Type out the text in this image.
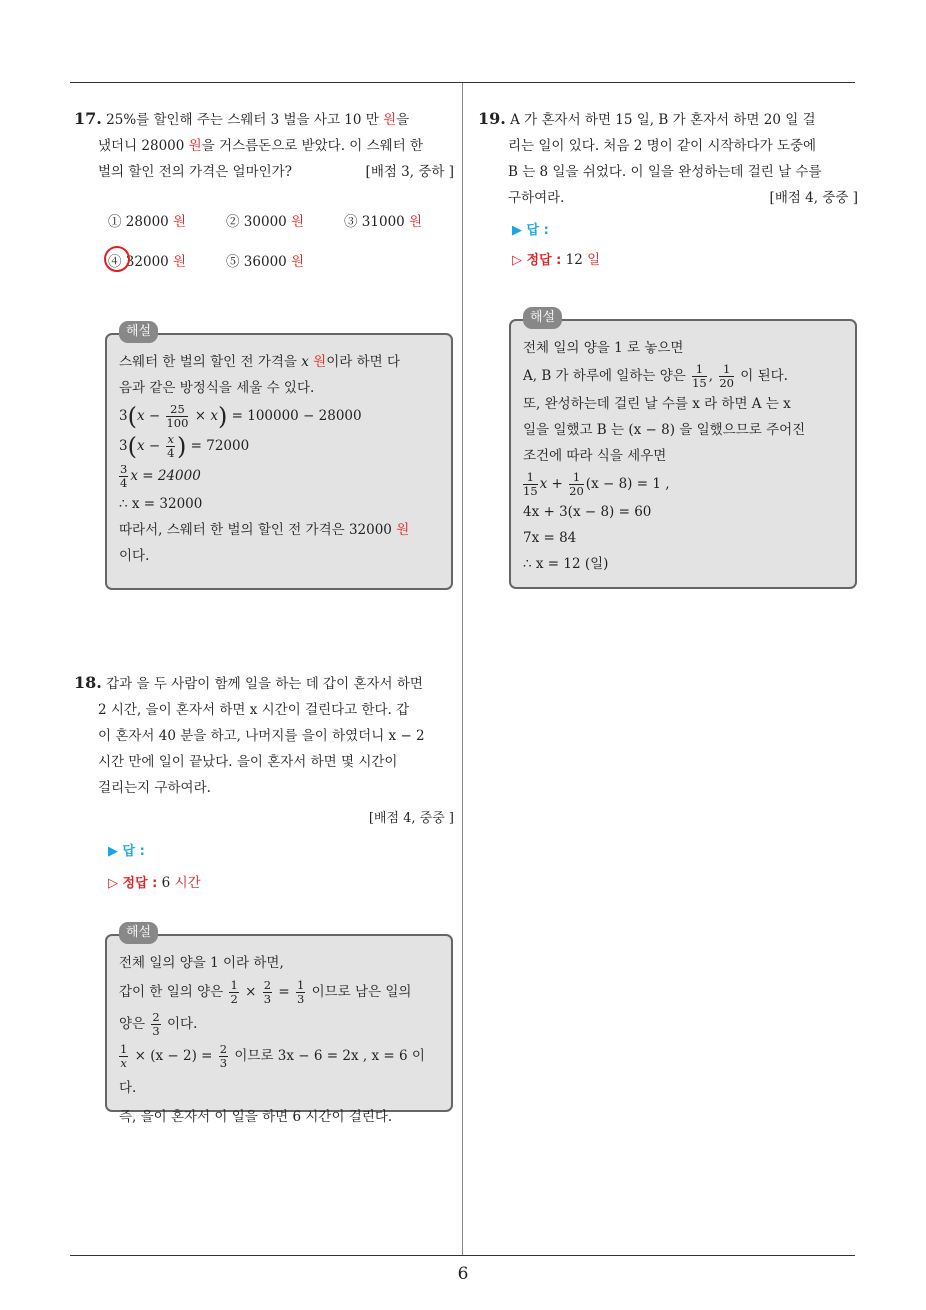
6
17. 25%를 할인해 주는 스웨터 3 벌을 사고 10 만 원을
냈더니 28000 원을 거스름돈으로 받았다. 이 스웨터 한
벌의 할인 전의 가격은 얼마인가?	[배점 3, 중하 ]
① 28000 원	② 30000 원	③ 31000 원
④ 32000 원	⑤ 36000 원
해설
스웨터 한 벌의 할인 전 가격을 x 원이라 하면 다
음과 같은 방정식을 세울 수 있다.
$3(x - \frac{25}{100} \times x) = 100000 - 28000$
$3(x - \frac{x}{4}$ ) = 72000
$\frac{3}{4}$ x = 24000
∴ x = 32000
따라서, 스웨터 한 벌의 할인 전 가격은 32000 원
이다.
18. 갑과 을 두 사람이 함께 일을 하는 데 갑이 혼자서 하면
2 시간, 을이 혼자서 하면 x 시간이 걸린다고 한다. 갑
이 혼자서 40 분을 하고, 나머지를 을이 하였더니 x − 2
시간 만에 일이 끝났다. 을이 혼자서 하면 몇 시간이
걸리는지 구하여라.
[배점 4, 중중 ]
▶ 답 :
▷ 정답 : 6 시간
해설
전체 일의 양을 1 이라 하면,
갑이 한 일의 양은 $\frac{1}{2} \times \frac{2}{3} = \frac{1}{3}$ 이므로 남은 일의
양은 $\frac{2}{3}$ 이다.
$\frac{1}{x} \times (x - 2) = \frac{2}{3}$ 이므로 3x − 6 = 2x , x = 6 이다.
즉, 을이 혼자서 이 일을 하면 6 시간이 걸린다.
19. A 가 혼자서 하면 15 일, B 가 혼자서 하면 20 일 걸
리는 일이 있다. 처음 2 명이 같이 시작하다가 도중에
B 는 8 일을 쉬었다. 이 일을 완성하는데 걸린 날 수를
구하여라.	[배점 4, 중중 ]
▶ 답 :
▷ 정답 : 12 일
해설
전체 일의 양을 1 로 놓으면
A, B 가 하루에 일하는 양은 $\frac{1}{15}$ , $\frac{1}{20}$ 이 된다.
또, 완성하는데 걸린 날 수를 x 라 하면 A 는 x
일을 일했고 B 는 (x − 8) 을 일했으므로 주어진
조건에 따라 식을 세우면
$\frac{1}{15}$ $x + \frac{1}{20} (x - 8) = 1$ ,
4x + 3(x − 8) = 60
7x = 84
∴ x = 12 (일)
